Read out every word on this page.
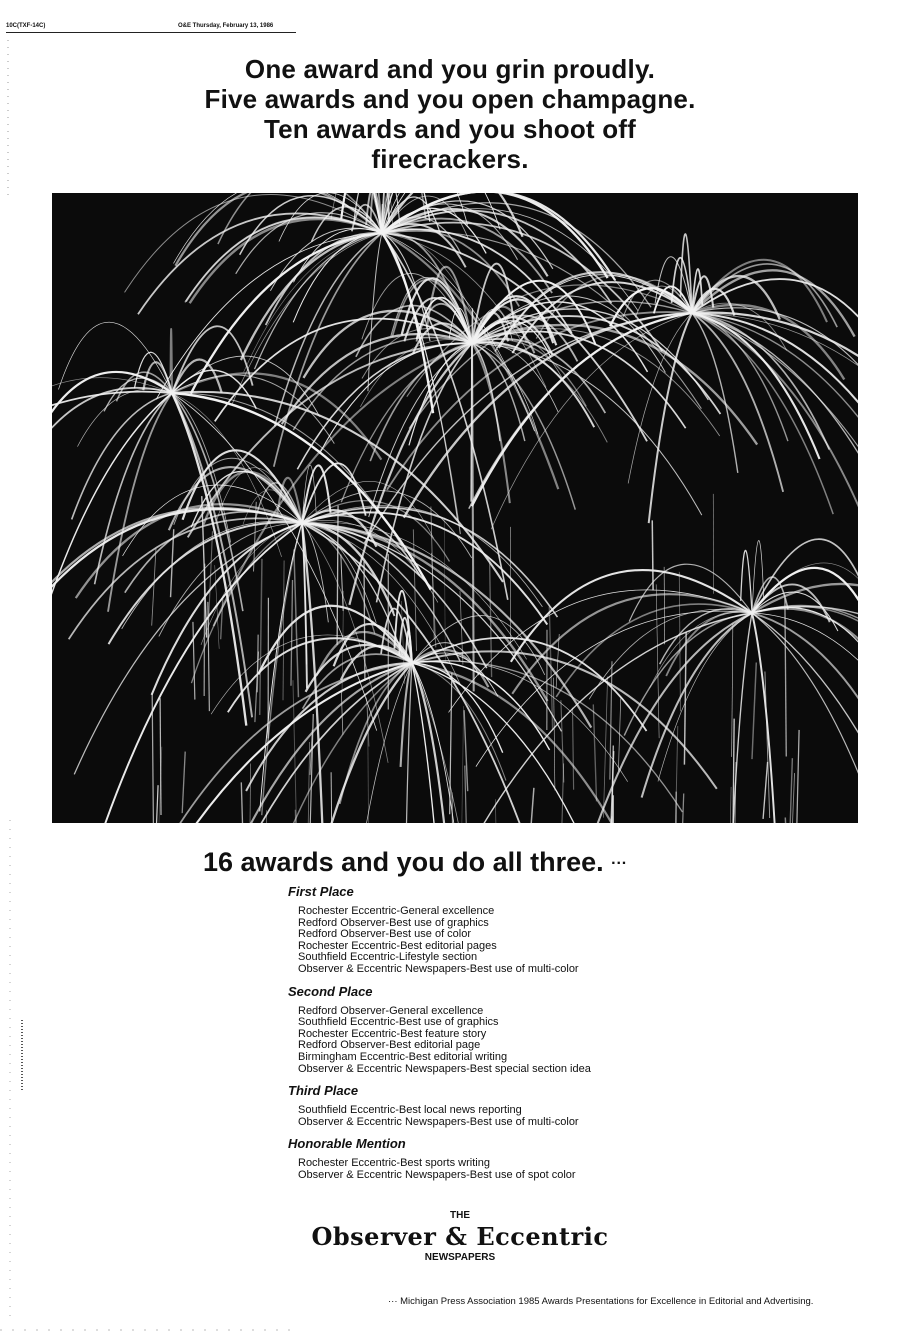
10C(TXF-14C)	O&E Thursday, February 13, 1986
One award and you grin proudly.
Five awards and you open champagne.
Ten awards and you shoot off
firecrackers.
16 awards and you do all three. ···
First Place
Rochester Eccentric-General excellence
Redford Observer-Best use of graphics
Redford Observer-Best use of color
Rochester Eccentric-Best editorial pages
Southfield Eccentric-Lifestyle section
Observer & Eccentric Newspapers-Best use of multi-color
Second Place
Redford Observer-General excellence
Southfield Eccentric-Best use of graphics
Rochester Eccentric-Best feature story
Redford Observer-Best editorial page
Birmingham Eccentric-Best editorial writing
Observer & Eccentric Newspapers-Best special section idea
Third Place
Southfield Eccentric-Best local news reporting
Observer & Eccentric Newspapers-Best use of multi-color
Honorable Mention
Rochester Eccentric-Best sports writing
Observer & Eccentric Newspapers-Best use of spot color
THE
Observer & Eccentric
NEWSPAPERS
··· Michigan Press Association 1985 Awards Presentations for Excellence in Editorial and Advertising.
